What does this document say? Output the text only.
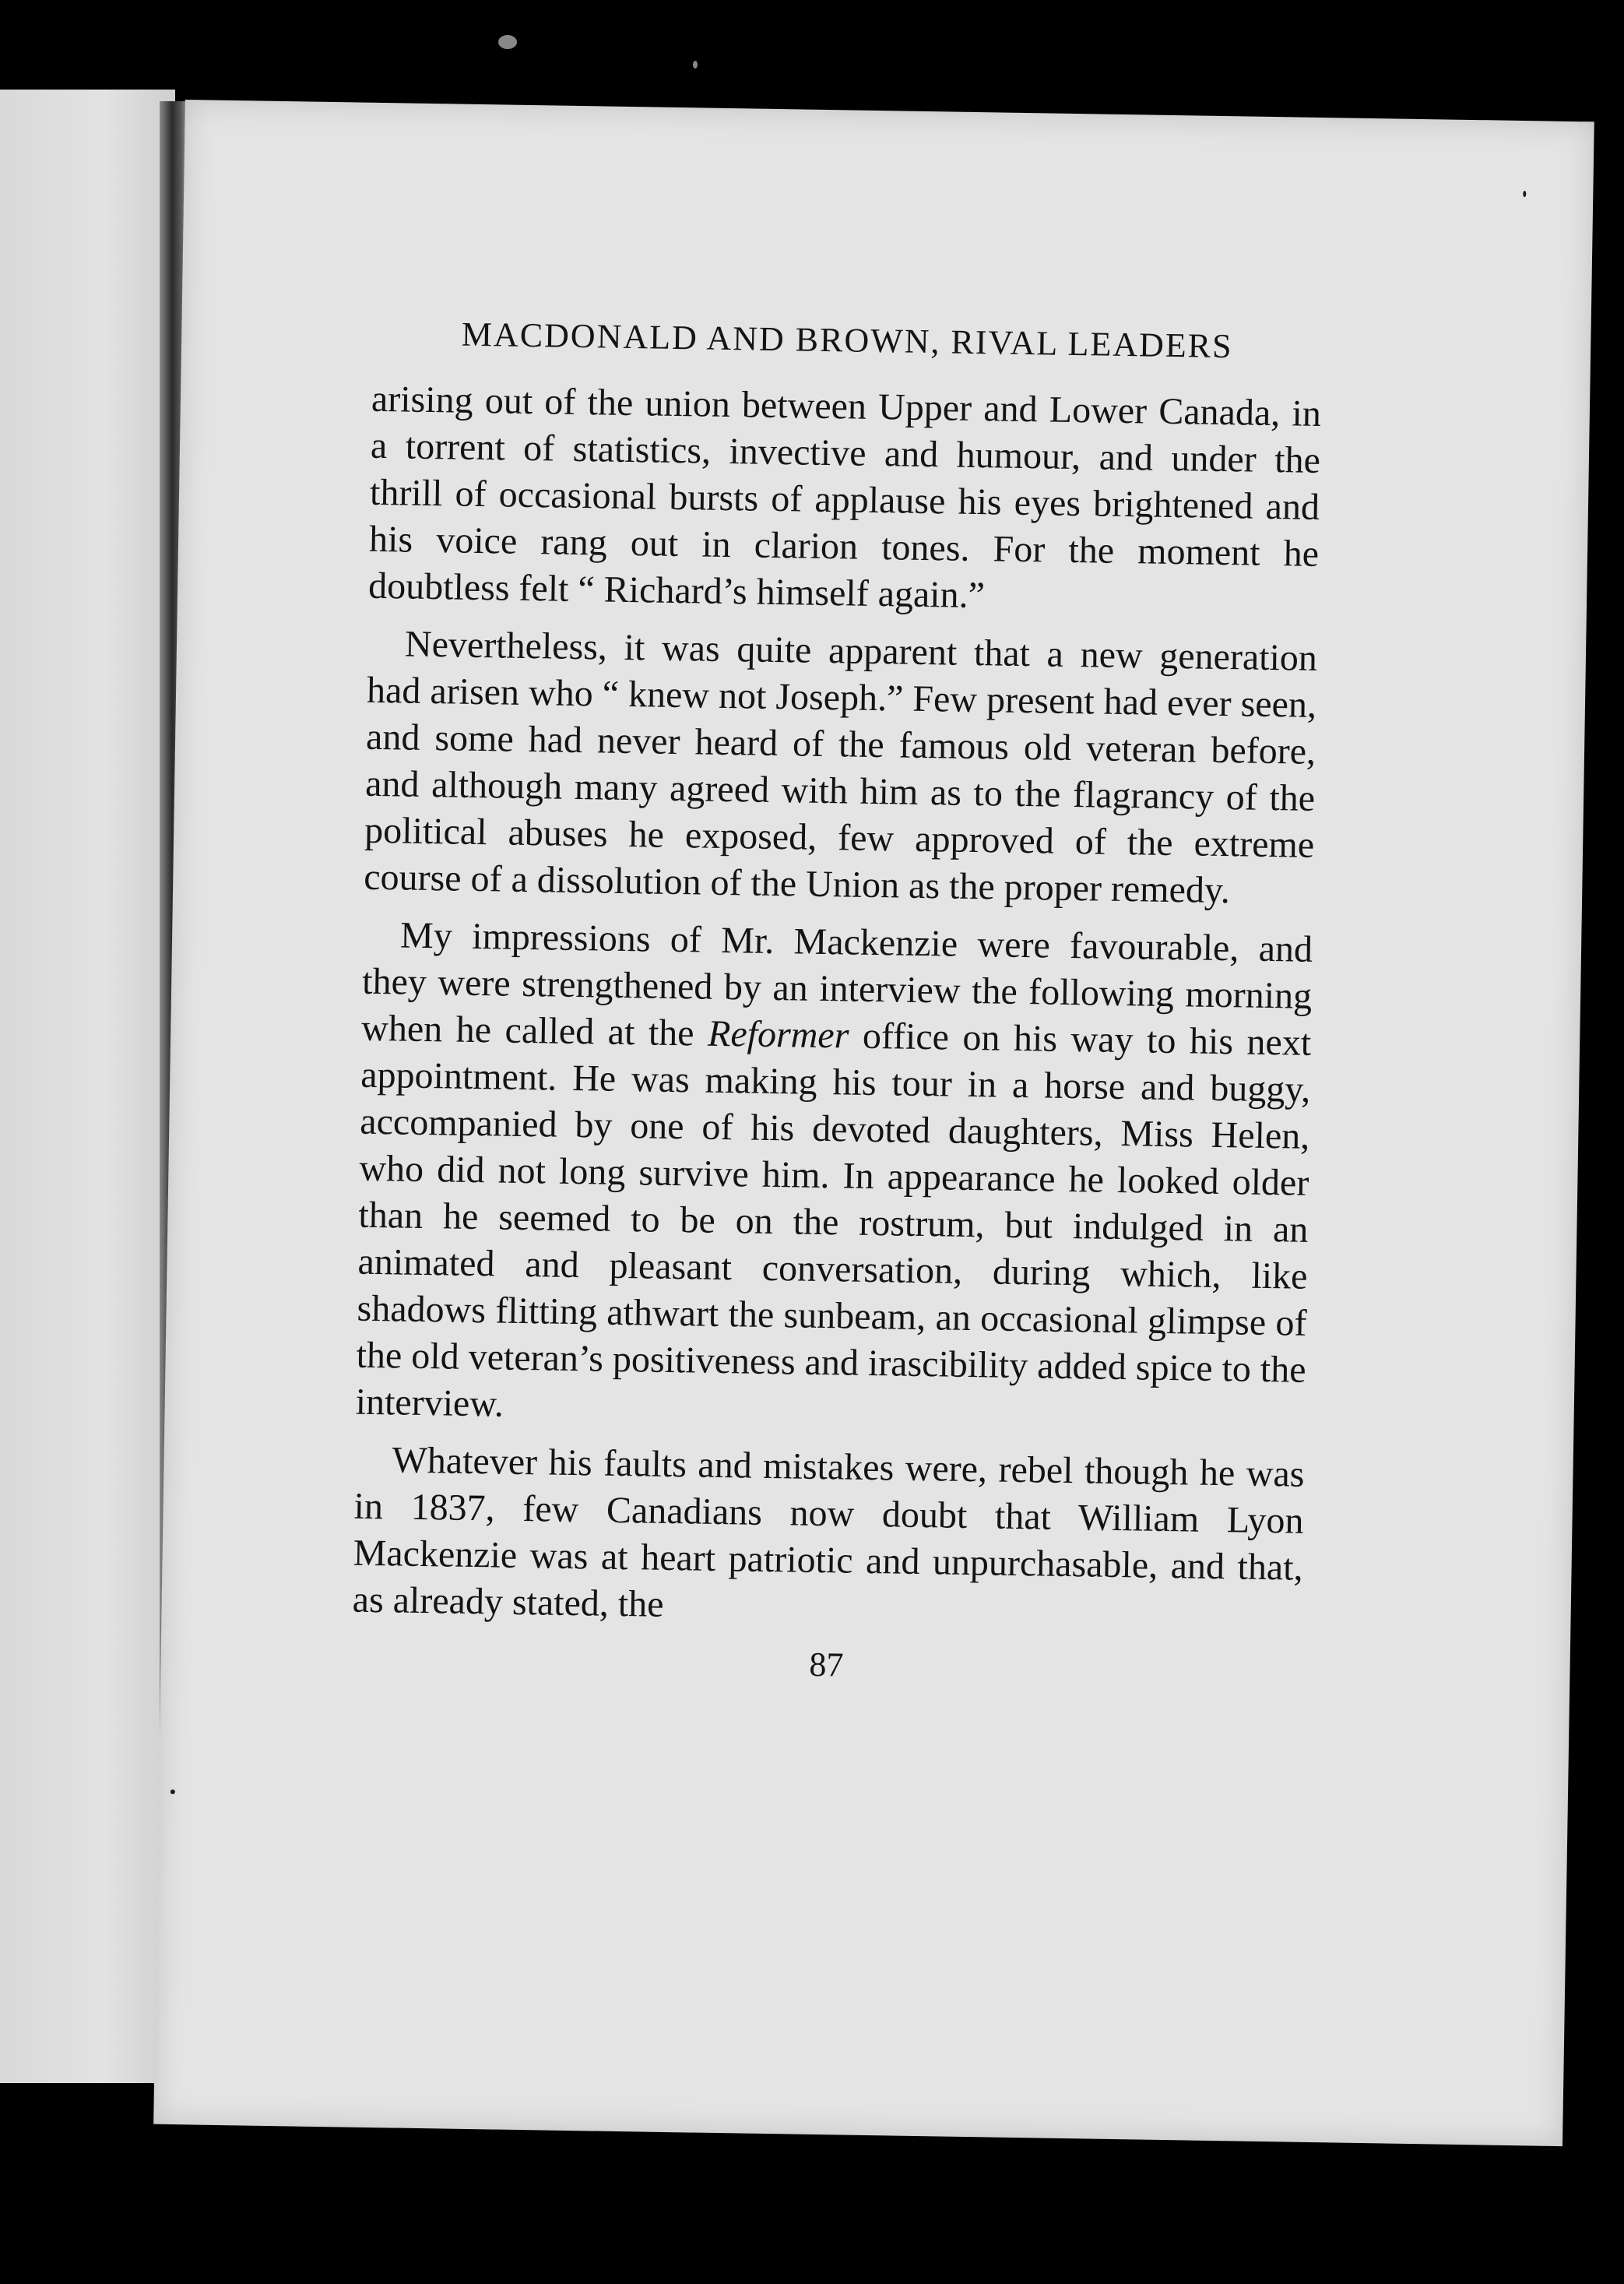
MACDONALD AND BROWN, RIVAL LEADERS

arising out of the union between Upper and Lower Canada, in a torrent of statistics, invective and humour, and under the thrill of occasional bursts of applause his eyes brightened and his voice rang out in clarion tones. For the moment he doubtless felt “ Richard’s himself again.”

Nevertheless, it was quite apparent that a new generation had arisen who “ knew not Joseph.” Few present had ever seen, and some had never heard of the famous old veteran before, and although many agreed with him as to the flagrancy of the political abuses he exposed, few approved of the extreme course of a dissolution of the Union as the proper remedy.

My impressions of Mr. Mackenzie were favourable, and they were strengthened by an interview the following morning when he called at the Reformer office on his way to his next appointment. He was making his tour in a horse and buggy, accompanied by one of his devoted daughters, Miss Helen, who did not long survive him. In appearance he looked older than he seemed to be on the rostrum, but indulged in an animated and pleasant conversation, during which, like shadows flitting athwart the sunbeam, an occasional glimpse of the old veteran’s positiveness and irascibility added spice to the interview.

Whatever his faults and mistakes were, rebel though he was in 1837, few Canadians now doubt that William Lyon Mackenzie was at heart patriotic and unpurchasable, and that, as already stated, the

87
